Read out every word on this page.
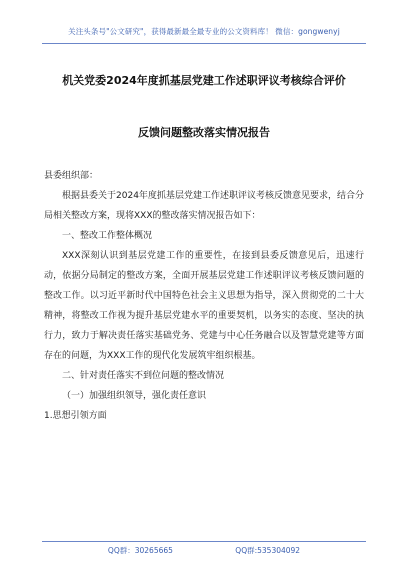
关注头条号"公文研究"，获得最新最全最专业的公文资料库！ 微信：gongwenyj
机关党委2024年度抓基层党建工作述职评议考核综合评价
反馈问题整改落实情况报告

县委组织部：

根据县委关于2024年度抓基层党建工作述职评议考核反馈意见要求，结合分局相关整改方案，现将XXX的整改落实情况报告如下：

一、整改工作整体概况

XXX深刻认识到基层党建工作的重要性，在接到县委反馈意见后，迅速行动，依据分局制定的整改方案，全面开展基层党建工作述职评议考核反馈问题的整改工作。以习近平新时代中国特色社会主义思想为指导，深入贯彻党的二十大精神，将整改工作视为提升基层党建水平的重要契机，以务实的态度、坚决的执行力，致力于解决责任落实基础党务、党建与中心任务融合以及智慧党建等方面存在的问题，为XXX工作的现代化发展筑牢组织根基。

二、针对责任落实不到位问题的整改情况

（一）加强组织领导，强化责任意识

1.思想引领方面

QQ群：30265665	QQ群:535304092
